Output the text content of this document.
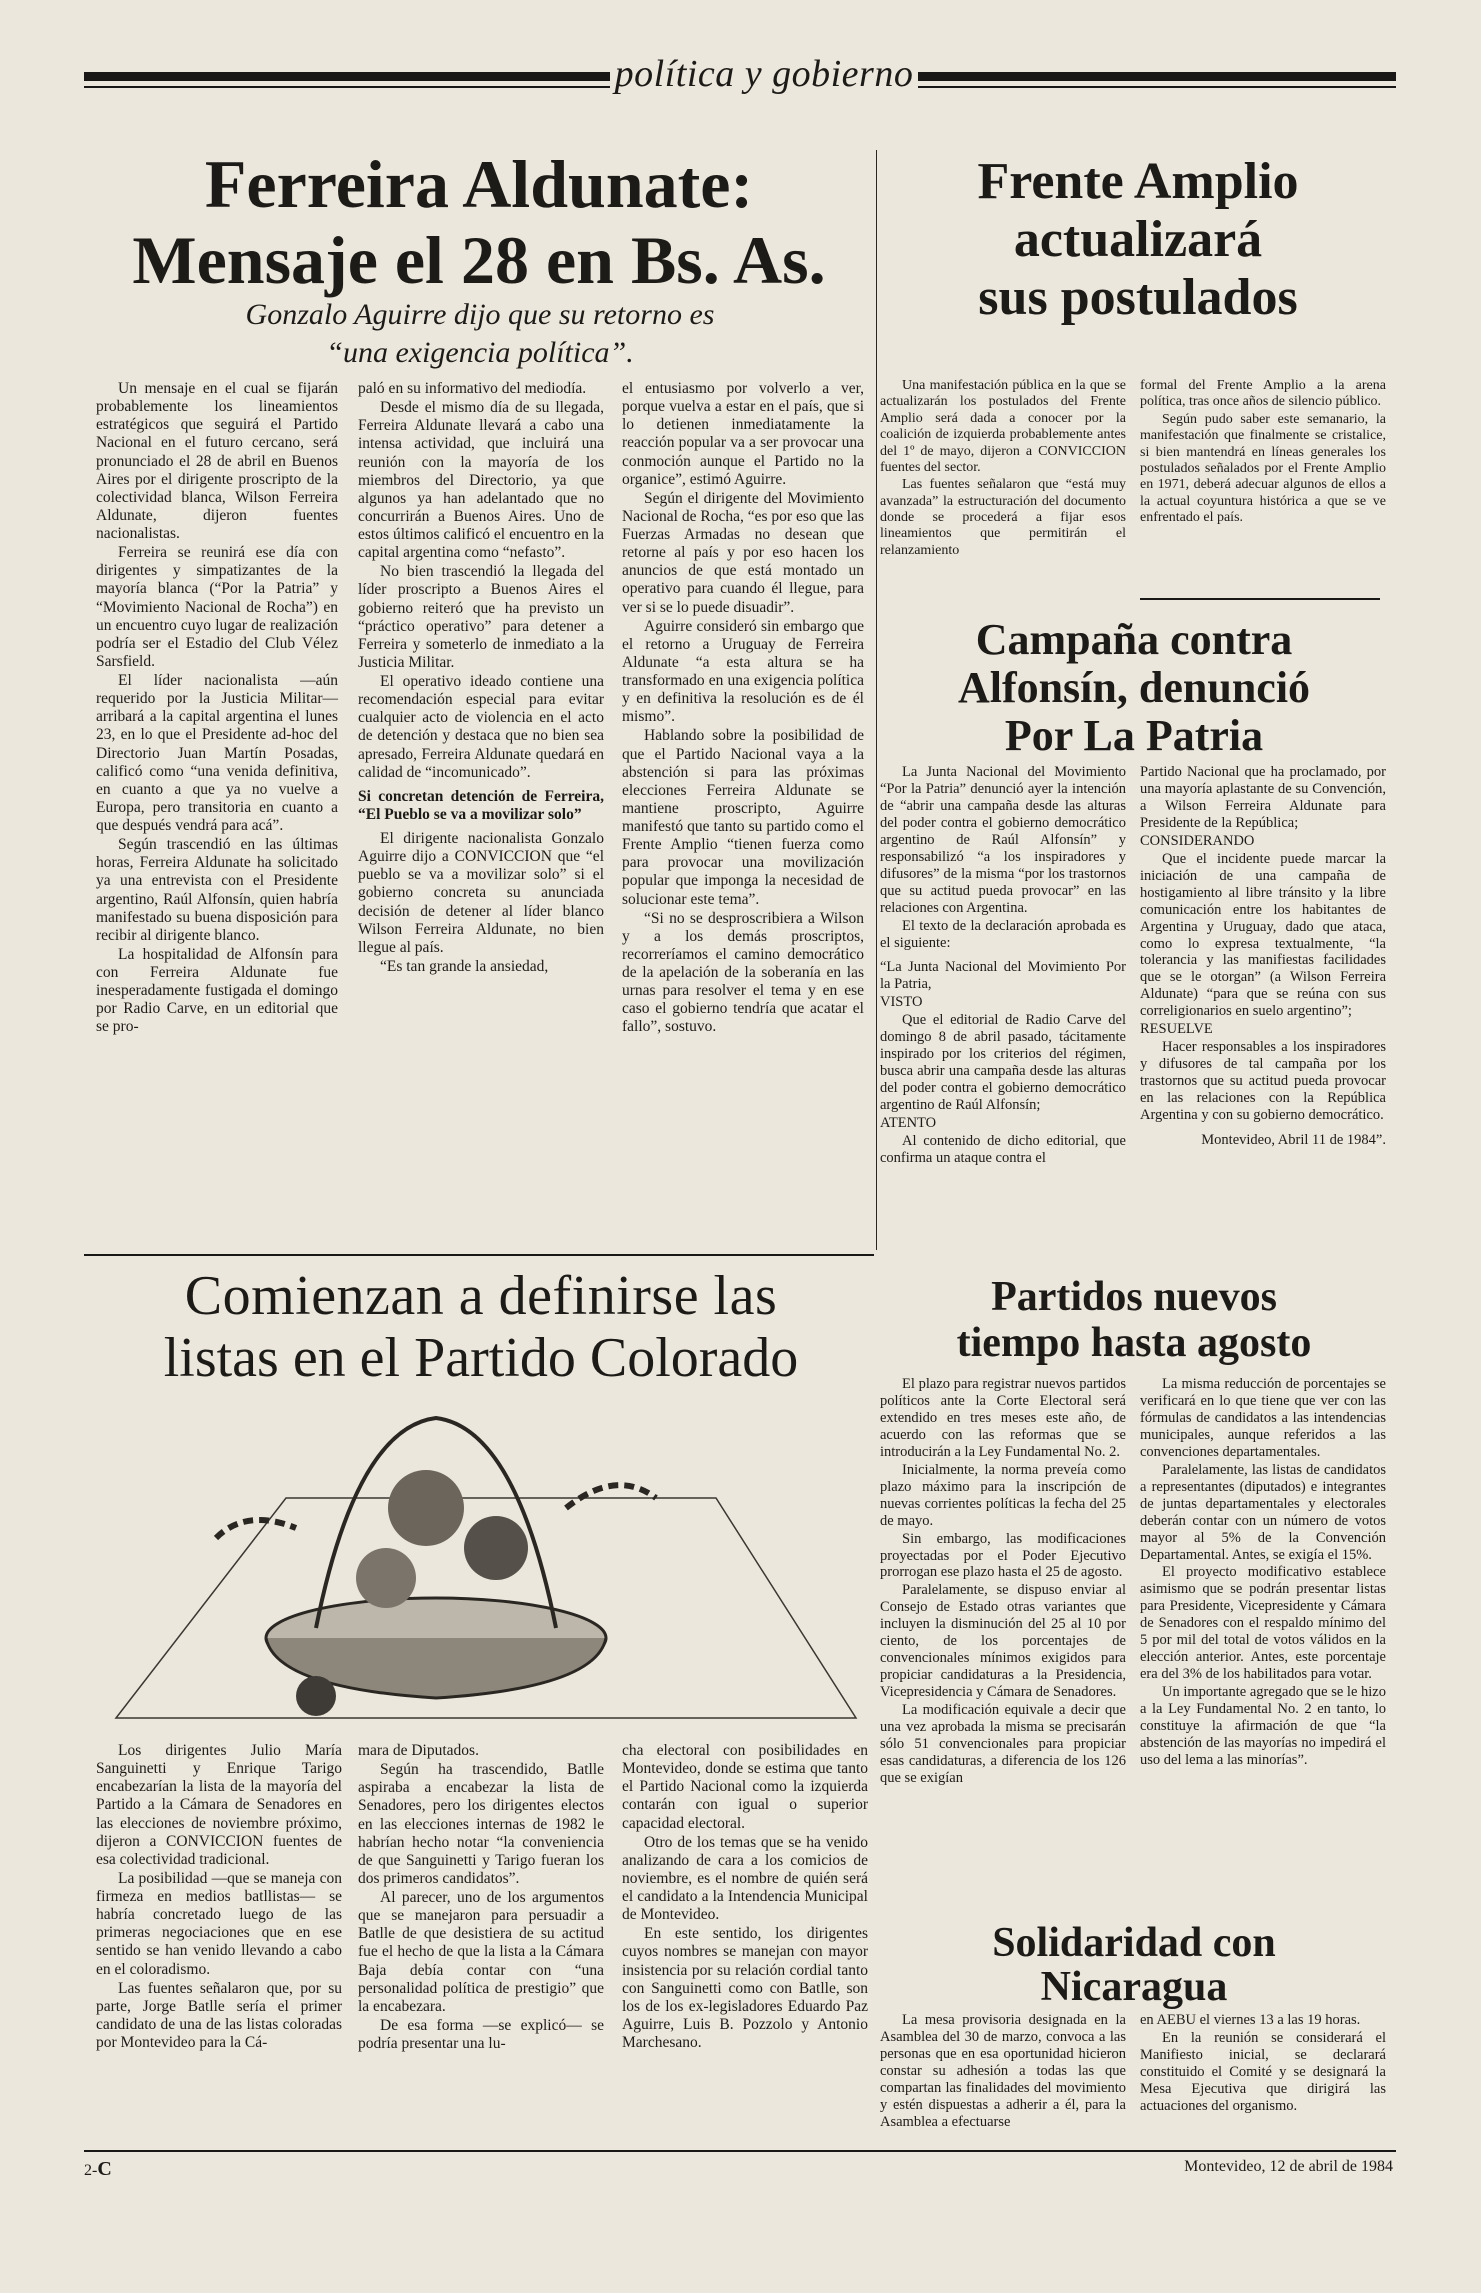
política y gobierno
Ferreira Aldunate:
Mensaje el 28 en Bs. As.
Gonzalo Aguirre dijo que su retorno es
“una exigencia política”.

Un mensaje en el cual se fijarán probablemente los lineamientos estratégicos que seguirá el Partido Nacional en el futuro cercano, será pronunciado el 28 de abril en Buenos Aires por el dirigente proscripto de la colectividad blanca, Wilson Ferreira Aldunate, dijeron fuentes nacionalistas.

Ferreira se reunirá ese día con dirigentes y simpatizantes de la mayoría blanca (“Por la Patria” y “Movimiento Nacional de Rocha”) en un encuentro cuyo lugar de realización podría ser el Estadio del Club Vélez Sarsfield.

El líder nacionalista —aún requerido por la Justicia Militar— arribará a la capital argentina el lunes 23, en lo que el Presidente ad-hoc del Directorio Juan Martín Posadas, calificó como “una venida definitiva, en cuanto a que ya no vuelve a Europa, pero transitoria en cuanto a que después vendrá para acá”.

Según trascendió en las últimas horas, Ferreira Aldunate ha solicitado ya una entrevista con el Presidente argentino, Raúl Alfonsín, quien habría manifestado su buena disposición para recibir al dirigente blanco.

La hospitalidad de Alfonsín para con Ferreira Aldunate fue inesperadamente fustigada el domingo por Radio Carve, en un editorial que se pro-

paló en su informativo del mediodía.

Desde el mismo día de su llegada, Ferreira Aldunate llevará a cabo una intensa actividad, que incluirá una reunión con la mayoría de los miembros del Directorio, ya que algunos ya han adelantado que no concurrirán a Buenos Aires. Uno de estos últimos calificó el encuentro en la capital argentina como “nefasto”.

No bien trascendió la llegada del líder proscripto a Buenos Aires el gobierno reiteró que ha previsto un “práctico operativo” para detener a Ferreira y someterlo de inmediato a la Justicia Militar.

El operativo ideado contiene una recomendación especial para evitar cualquier acto de violencia en el acto de detención y destaca que no bien sea apresado, Ferreira Aldunate quedará en calidad de “incomunicado”.

Si concretan detención de Ferreira, “El Pueblo se va a movilizar solo”

El dirigente nacionalista Gonzalo Aguirre dijo a CONVICCION que “el pueblo se va a movilizar solo” si el gobierno concreta su anunciada decisión de detener al líder blanco Wilson Ferreira Aldunate, no bien llegue al país.

“Es tan grande la ansiedad,

el entusiasmo por volverlo a ver, porque vuelva a estar en el país, que si lo detienen inmediatamente la reacción popular va a ser provocar una conmoción aunque el Partido no la organice”, estimó Aguirre.

Según el dirigente del Movimiento Nacional de Rocha, “es por eso que las Fuerzas Armadas no desean que retorne al país y por eso hacen los anuncios de que está montado un operativo para cuando él llegue, para ver si se lo puede disuadir”.

Aguirre consideró sin embargo que el retorno a Uruguay de Ferreira Aldunate “a esta altura se ha transformado en una exigencia política y en definitiva la resolución es de él mismo”.

Hablando sobre la posibilidad de que el Partido Nacional vaya a la abstención si para las próximas elecciones Ferreira Aldunate se mantiene proscripto, Aguirre manifestó que tanto su partido como el Frente Amplio “tienen fuerza como para provocar una movilización popular que imponga la necesidad de solucionar este tema”.

“Si no se desproscribiera a Wilson y a los demás proscriptos, recorreríamos el camino democrático de la apelación de la soberanía en las urnas para resolver el tema y en ese caso el gobierno tendría que acatar el fallo”, sostuvo.

Frente Amplio
actualizará
sus postulados

Una manifestación pública en la que se actualizarán los postulados del Frente Amplio será dada a conocer por la coalición de izquierda probablemente antes del 1º de mayo, dijeron a CONVICCION fuentes del sector.

Las fuentes señalaron que “está muy avanzada” la estructuración del documento donde se procederá a fijar esos lineamientos que permitirán el relanzamiento

formal del Frente Amplio a la arena política, tras once años de silencio público.

Según pudo saber este semanario, la manifestación que finalmente se cristalice, si bien mantendrá en líneas generales los postulados señalados por el Frente Amplio en 1971, deberá adecuar algunos de ellos a la actual coyuntura histórica a que se ve enfrentado el país.

Campaña contra
Alfonsín, denunció
Por La Patria

La Junta Nacional del Movimiento “Por la Patria” denunció ayer la intención de “abrir una campaña desde las alturas del poder contra el gobierno democrático argentino de Raúl Alfonsín” y responsabilizó “a los inspiradores y difusores” de la misma “por los trastornos que su actitud pueda provocar” en las relaciones con Argentina.

El texto de la declaración aprobada es el siguiente:

“La Junta Nacional del Movimiento Por la Patria,

VISTO

Que el editorial de Radio Carve del domingo 8 de abril pasado, tácitamente inspirado por los criterios del régimen, busca abrir una campaña desde las alturas del poder contra el gobierno democrático argentino de Raúl Alfonsín;

ATENTO

Al contenido de dicho editorial, que confirma un ataque contra el

Partido Nacional que ha proclamado, por una mayoría aplastante de su Convención, a Wilson Ferreira Aldunate para Presidente de la República;

CONSIDERANDO

Que el incidente puede marcar la iniciación de una campaña de hostigamiento al libre tránsito y la libre comunicación entre los habitantes de Argentina y Uruguay, dado que ataca, como lo expresa textualmente, “la tolerancia y las manifiestas facilidades que se le otorgan” (a Wilson Ferreira Aldunate) “para que se reúna con sus correligionarios en suelo argentino”;

RESUELVE

Hacer responsables a los inspiradores y difusores de tal campaña por los trastornos que su actitud pueda provocar en las relaciones con la República Argentina y con su gobierno democrático.

Montevideo, Abril 11 de 1984”.

Comienzan a definirse las
listas en el Partido Colorado

Los dirigentes Julio María Sanguinetti y Enrique Tarigo encabezarían la lista de la mayoría del Partido a la Cámara de Senadores en las elecciones de noviembre próximo, dijeron a CONVICCION fuentes de esa colectividad tradicional.

La posibilidad —que se maneja con firmeza en medios batllistas— se habría concretado luego de las primeras negociaciones que en ese sentido se han venido llevando a cabo en el coloradismo.

Las fuentes señalaron que, por su parte, Jorge Batlle sería el primer candidato de una de las listas coloradas por Montevideo para la Cá-

mara de Diputados.

Según ha trascendido, Batlle aspiraba a encabezar la lista de Senadores, pero los dirigentes electos en las elecciones internas de 1982 le habrían hecho notar “la conveniencia de que Sanguinetti y Tarigo fueran los dos primeros candidatos”.

Al parecer, uno de los argumentos que se manejaron para persuadir a Batlle de que desistiera de su actitud fue el hecho de que la lista a la Cámara Baja debía contar con “una personalidad política de prestigio” que la encabezara.

De esa forma —se explicó— se podría presentar una lu-

cha electoral con posibilidades en Montevideo, donde se estima que tanto el Partido Nacional como la izquierda contarán con igual o superior capacidad electoral.

Otro de los temas que se ha venido analizando de cara a los comicios de noviembre, es el nombre de quién será el candidato a la Intendencia Municipal de Montevideo.

En este sentido, los dirigentes cuyos nombres se manejan con mayor insistencia por su relación cordial tanto con Sanguinetti como con Batlle, son los de los ex-legisladores Eduardo Paz Aguirre, Luis B. Pozzolo y Antonio Marchesano.

Partidos nuevos
tiempo hasta agosto

El plazo para registrar nuevos partidos políticos ante la Corte Electoral será extendido en tres meses este año, de acuerdo con las reformas que se introducirán a la Ley Fundamental No. 2.

Inicialmente, la norma preveía como plazo máximo para la inscripción de nuevas corrientes políticas la fecha del 25 de mayo.

Sin embargo, las modificaciones proyectadas por el Poder Ejecutivo prorrogan ese plazo hasta el 25 de agosto.

Paralelamente, se dispuso enviar al Consejo de Estado otras variantes que incluyen la disminución del 25 al 10 por ciento, de los porcentajes de convencionales mínimos exigidos para propiciar candidaturas a la Presidencia, Vicepresidencia y Cámara de Senadores.

La modificación equivale a decir que una vez aprobada la misma se precisarán sólo 51 convencionales para propiciar esas candidaturas, a diferencia de los 126 que se exigían

La misma reducción de porcentajes se verificará en lo que tiene que ver con las fórmulas de candidatos a las intendencias municipales, aunque referidos a las convenciones departamentales.

Paralelamente, las listas de candidatos a representantes (diputados) e integrantes de juntas departamentales y electorales deberán contar con un número de votos mayor al 5% de la Convención Departamental. Antes, se exigía el 15%.

El proyecto modificativo establece asimismo que se podrán presentar listas para Presidente, Vicepresidente y Cámara de Senadores con el respaldo mínimo del 5 por mil del total de votos válidos en la elección anterior. Antes, este porcentaje era del 3% de los habilitados para votar.

Un importante agregado que se le hizo a la Ley Fundamental No. 2 en tanto, lo constituye la afirmación de que “la abstención de las mayorías no impedirá el uso del lema a las minorías”.

Solidaridad con
Nicaragua

La mesa provisoria designada en la Asamblea del 30 de marzo, convoca a las personas que en esa oportunidad hicieron constar su adhesión a todas las que compartan las finalidades del movimiento y estén dispuestas a adherir a él, para la Asamblea a efectuarse

en AEBU el viernes 13 a las 19 horas.

En la reunión se considerará el Manifiesto inicial, se declarará constituido el Comité y se designará la Mesa Ejecutiva que dirigirá las actuaciones del organismo.

2-C	Montevideo, 12 de abril de 1984
